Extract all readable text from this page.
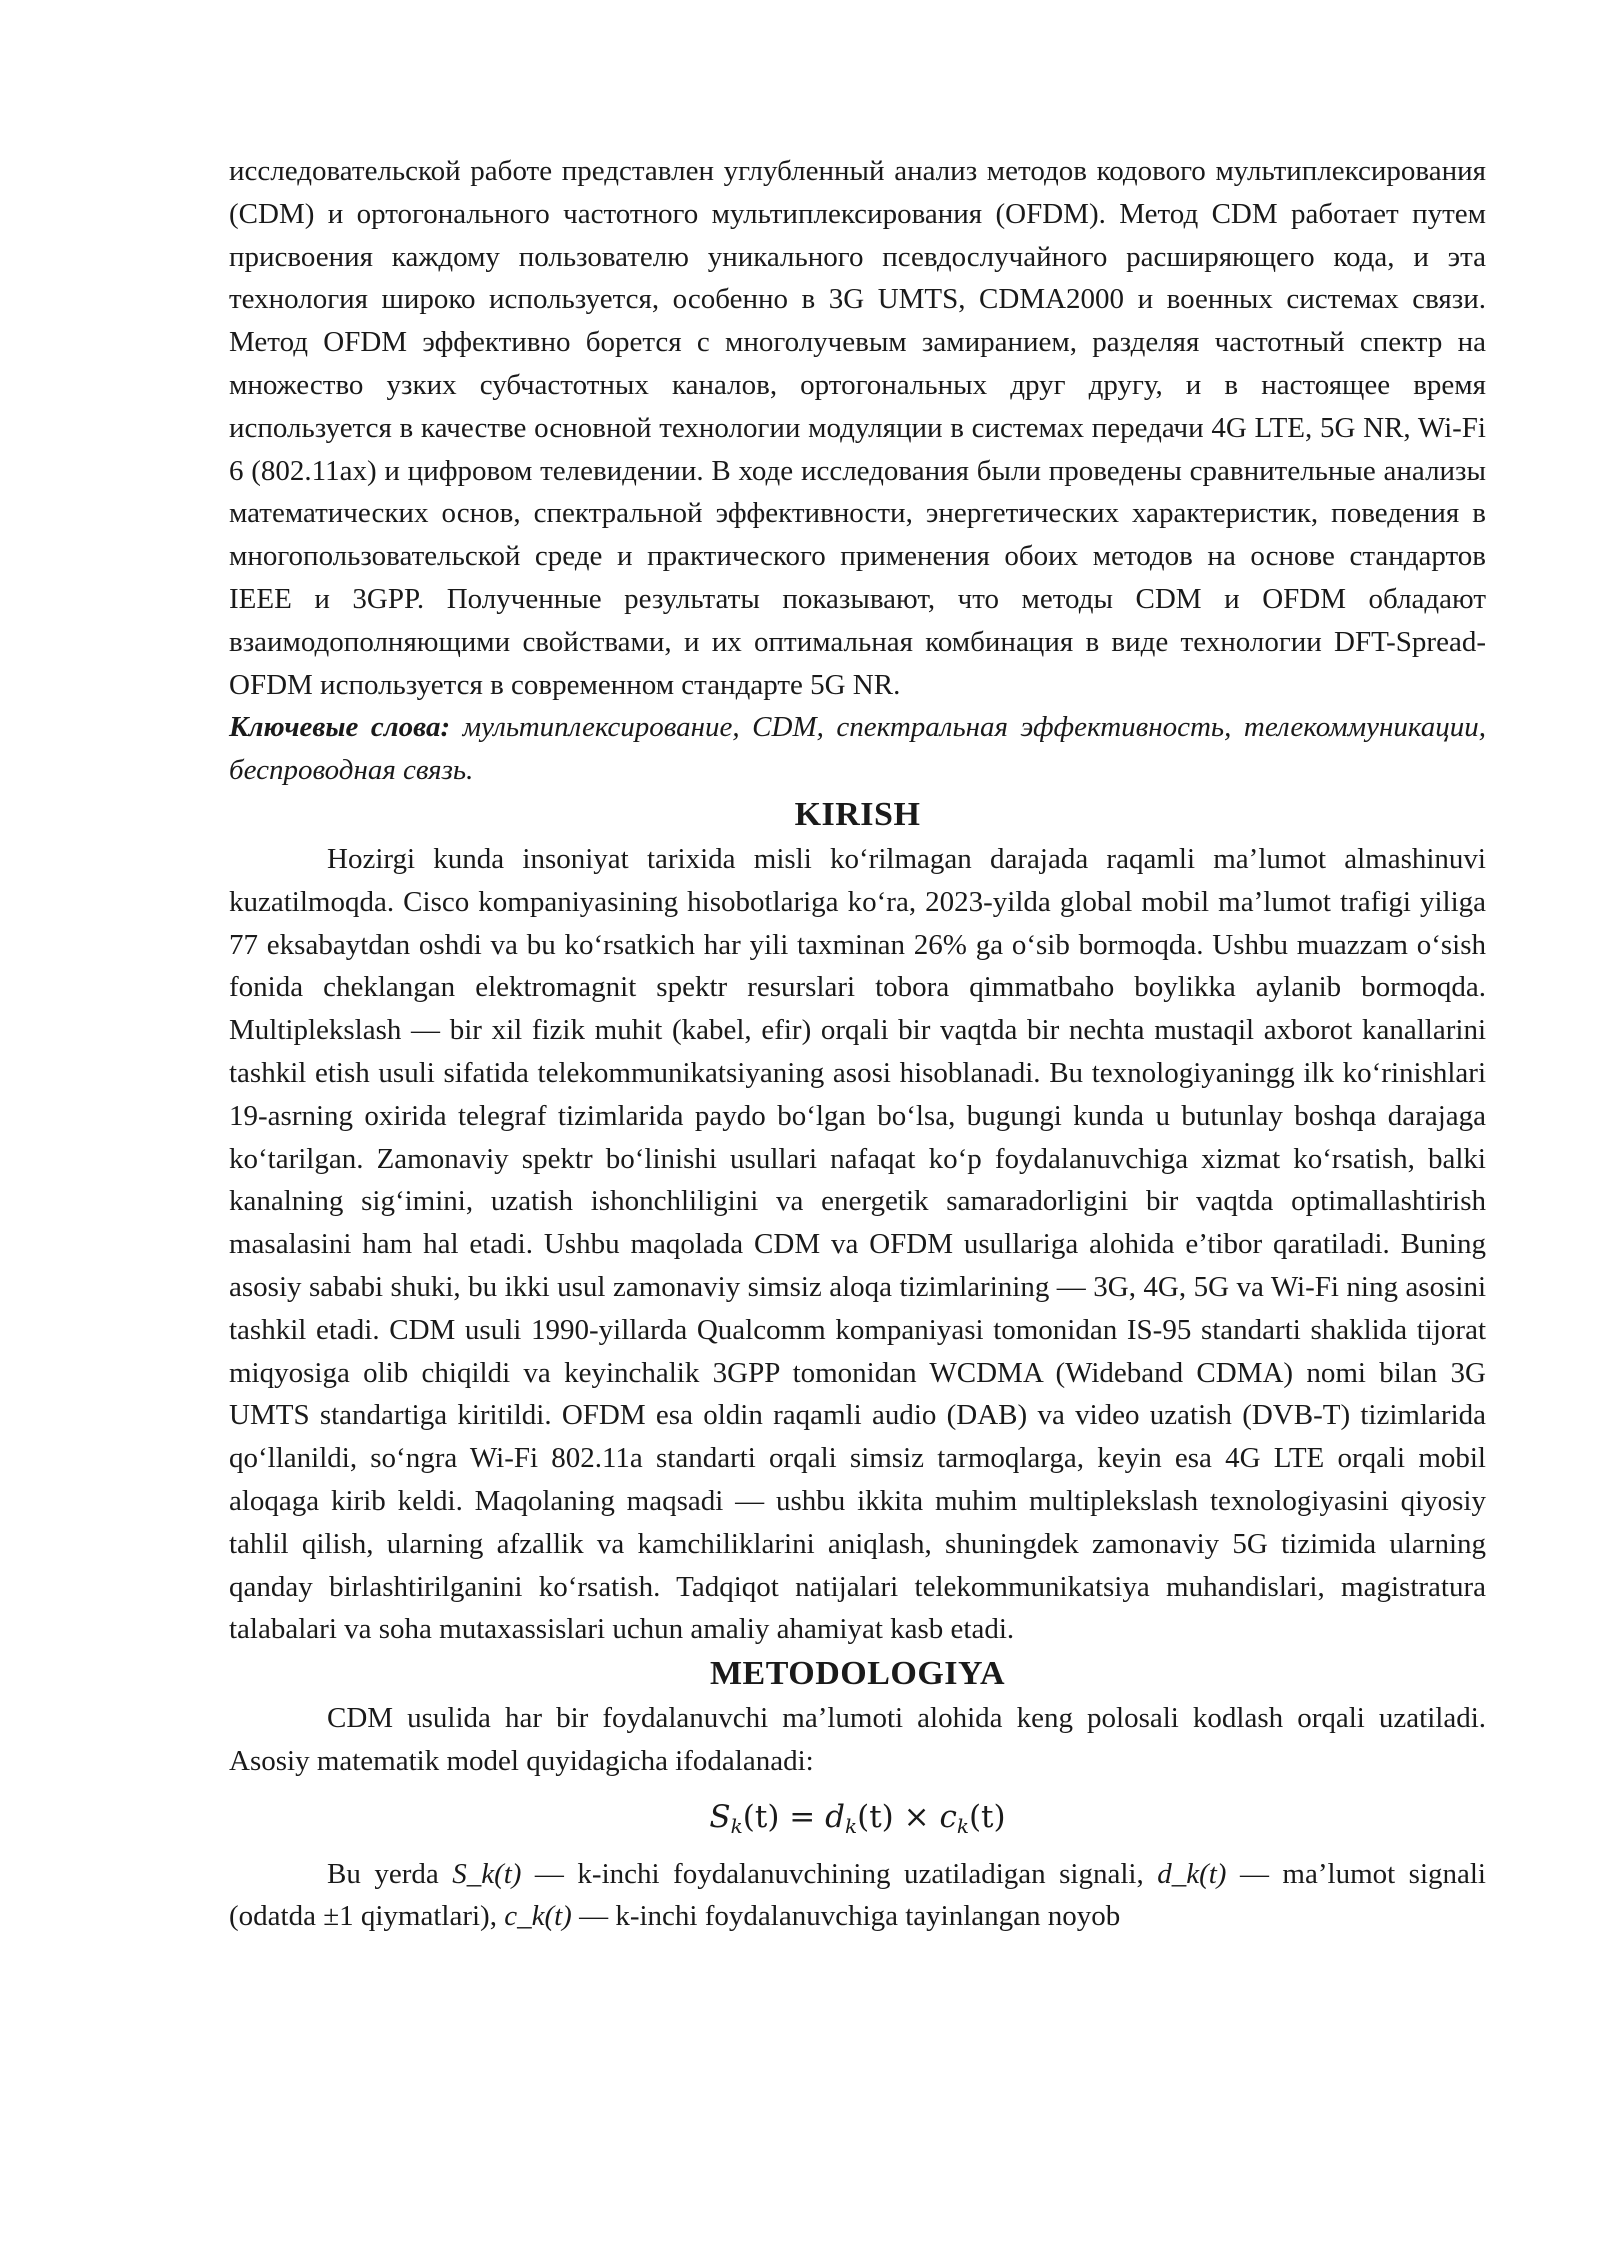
исследовательской работе представлен углубленный анализ методов кодового мультиплексирования (CDM) и ортогонального частотного мультиплексирования (OFDM). Метод CDM работает путем присвоения каждому пользователю уникального псевдослучайного расширяющего кода, и эта технология широко используется, особенно в 3G UMTS, CDMA2000 и военных системах связи. Метод OFDM эффективно борется с многолучевым замиранием, разделяя частотный спектр на множество узких субчастотных каналов, ортогональных друг другу, и в настоящее время используется в качестве основной технологии модуляции в системах передачи 4G LTE, 5G NR, Wi-Fi 6 (802.11ax) и цифровом телевидении. В ходе исследования были проведены сравнительные анализы математических основ, спектральной эффективности, энергетических характеристик, поведения в многопользовательской среде и практического применения обоих методов на основе стандартов IEEE и 3GPP. Полученные результаты показывают, что методы CDM и OFDM обладают взаимодополняющими свойствами, и их оптимальная комбинация в виде технологии DFT-Spread-OFDM используется в современном стандарте 5G NR.

Ключевые слова: мультиплексирование, CDM, спектральная эффективность, телекоммуникации, беспроводная связь.

KIRISH

Hozirgi kunda insoniyat tarixida misli ko‘rilmagan darajada raqamli ma’lumot almashinuvi kuzatilmoqda. Cisco kompaniyasining hisobotlariga ko‘ra, 2023-yilda global mobil ma’lumot trafigi yiliga 77 eksabaytdan oshdi va bu ko‘rsatkich har yili taxminan 26% ga o‘sib bormoqda. Ushbu muazzam o‘sish fonida cheklangan elektromagnit spektr resurslari tobora qimmatbaho boylikka aylanib bormoqda. Multiplekslash — bir xil fizik muhit (kabel, efir) orqali bir vaqtda bir nechta mustaqil axborot kanallarini tashkil etish usuli sifatida telekommunikatsiyaning asosi hisoblanadi. Bu texnologiyaningg ilk ko‘rinishlari 19-asrning oxirida telegraf tizimlarida paydo bo‘lgan bo‘lsa, bugungi kunda u butunlay boshqa darajaga ko‘tarilgan. Zamonaviy spektr bo‘linishi usullari nafaqat ko‘p foydalanuvchiga xizmat ko‘rsatish, balki kanalning sig‘imini, uzatish ishonchliligini va energetik samaradorligini bir vaqtda optimallashtirish masalasini ham hal etadi. Ushbu maqolada CDM va OFDM usullariga alohida e’tibor qaratiladi. Buning asosiy sababi shuki, bu ikki usul zamonaviy simsiz aloqa tizimlarining — 3G, 4G, 5G va Wi-Fi ning asosini tashkil etadi. CDM usuli 1990-yillarda Qualcomm kompaniyasi tomonidan IS-95 standarti shaklida tijorat miqyosiga olib chiqildi va keyinchalik 3GPP tomonidan WCDMA (Wideband CDMA) nomi bilan 3G UMTS standartiga kiritildi. OFDM esa oldin raqamli audio (DAB) va video uzatish (DVB-T) tizimlarida qo‘llanildi, so‘ngra Wi-Fi 802.11a standarti orqali simsiz tarmoqlarga, keyin esa 4G LTE orqali mobil aloqaga kirib keldi. Maqolaning maqsadi — ushbu ikkita muhim multiplekslash texnologiyasini qiyosiy tahlil qilish, ularning afzallik va kamchiliklarini aniqlash, shuningdek zamonaviy 5G tizimida ularning qanday birlashtirilganini ko‘rsatish. Tadqiqot natijalari telekommunikatsiya muhandislari, magistratura talabalari va soha mutaxassislari uchun amaliy ahamiyat kasb etadi.

METODOLOGIYA

CDM usulida har bir foydalanuvchi ma’lumoti alohida keng polosali kodlash orqali uzatiladi. Asosiy matematik model quyidagicha ifodalanadi:

$S_k(t) = d_k(t) \times c_k(t)$

Bu yerda S_k(t) — k-inchi foydalanuvchining uzatiladigan signali, d_k(t) — ma’lumot signali (odatda ±1 qiymatlari), c_k(t) — k-inchi foydalanuvchiga tayinlangan noyob
